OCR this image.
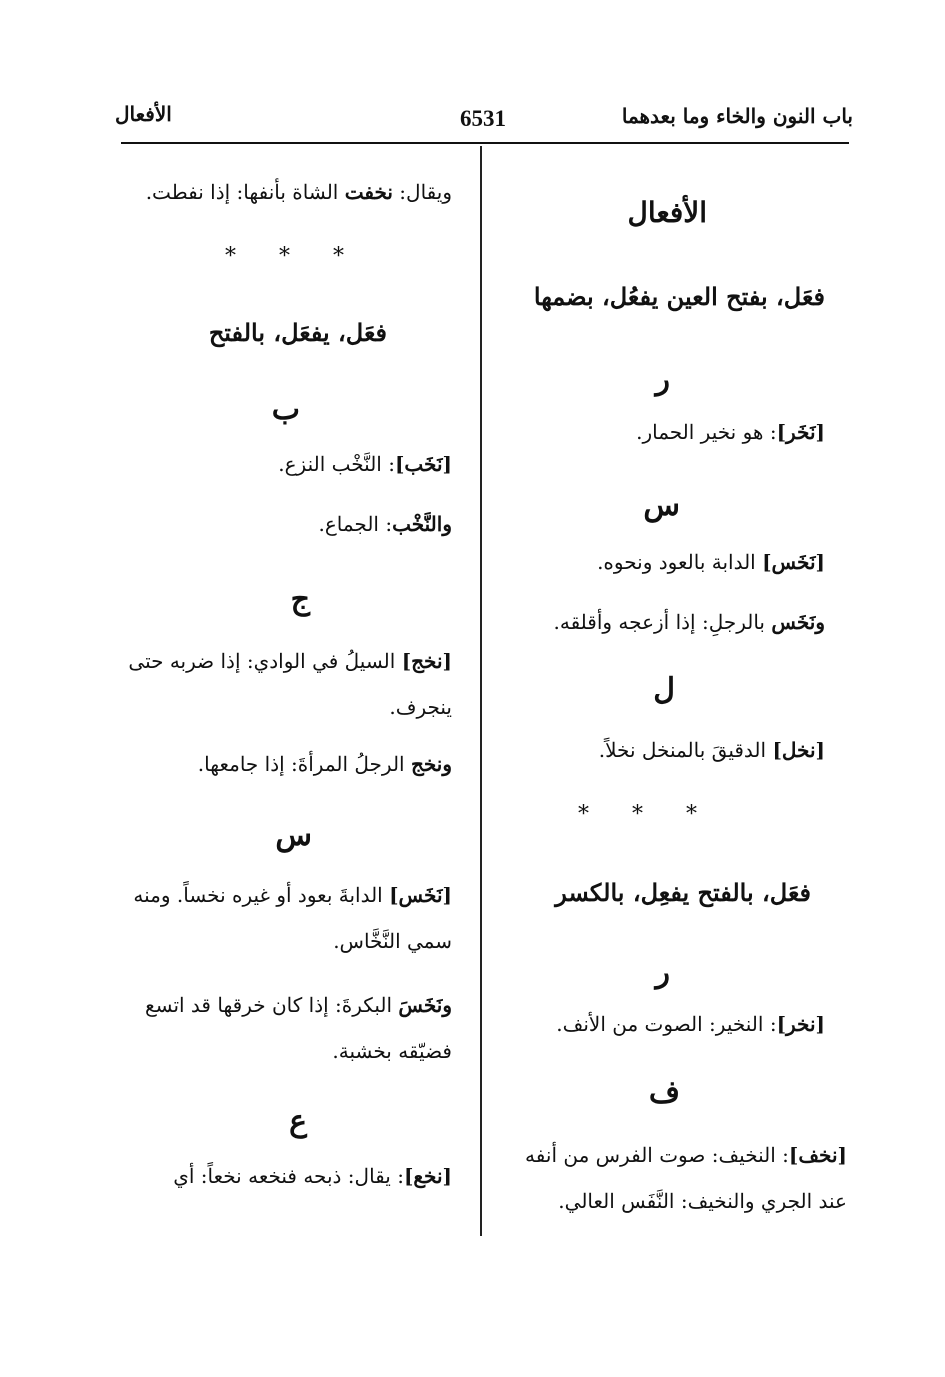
باب النون والخاء وما بعدهما
6531
الأفعال
الأفعال
فعَل، بفتح العين يفعُل، بضمها
ر
[نَخَر]: هو نخير الحمار.
س
[نَخَس] الدابة بالعود ونحوه.
ونَخَس بالرجلِ: إذا أزعجه وأقلقه.
ل
[نخل] الدقيقَ بالمنخل نخلاً.
* * *
فعَل، بالفتح يفعِل، بالكسر
ر
[نخر]: النخير: الصوت من الأنف.
ف
[نخف]: النخيف: صوت الفرس من أنفه عند الجري والنخيف: النَّفَس العالي.
ويقال: نخفت الشاة بأنفها: إذا نفطت.
* * *
فعَل، يفعَل، بالفتح
ب
[نَخَب]: النَّخْب النزع.
والنَّخْب: الجماع.
ج
[نخج] السيلُ في الوادي: إذا ضربه حتى ينجرف.
ونخج الرجلُ المرأةَ: إذا جامعها.
س
[نَخَس] الدابةَ بعود أو غيره نخساً. ومنه سمي النَّخَّاس.
ونَخَسَ البكرةَ: إذا كان خرقها قد اتسع فضيّقه بخشبة.
ع
[نخع]: يقال: ذبحه فنخعه نخعاً: أي
